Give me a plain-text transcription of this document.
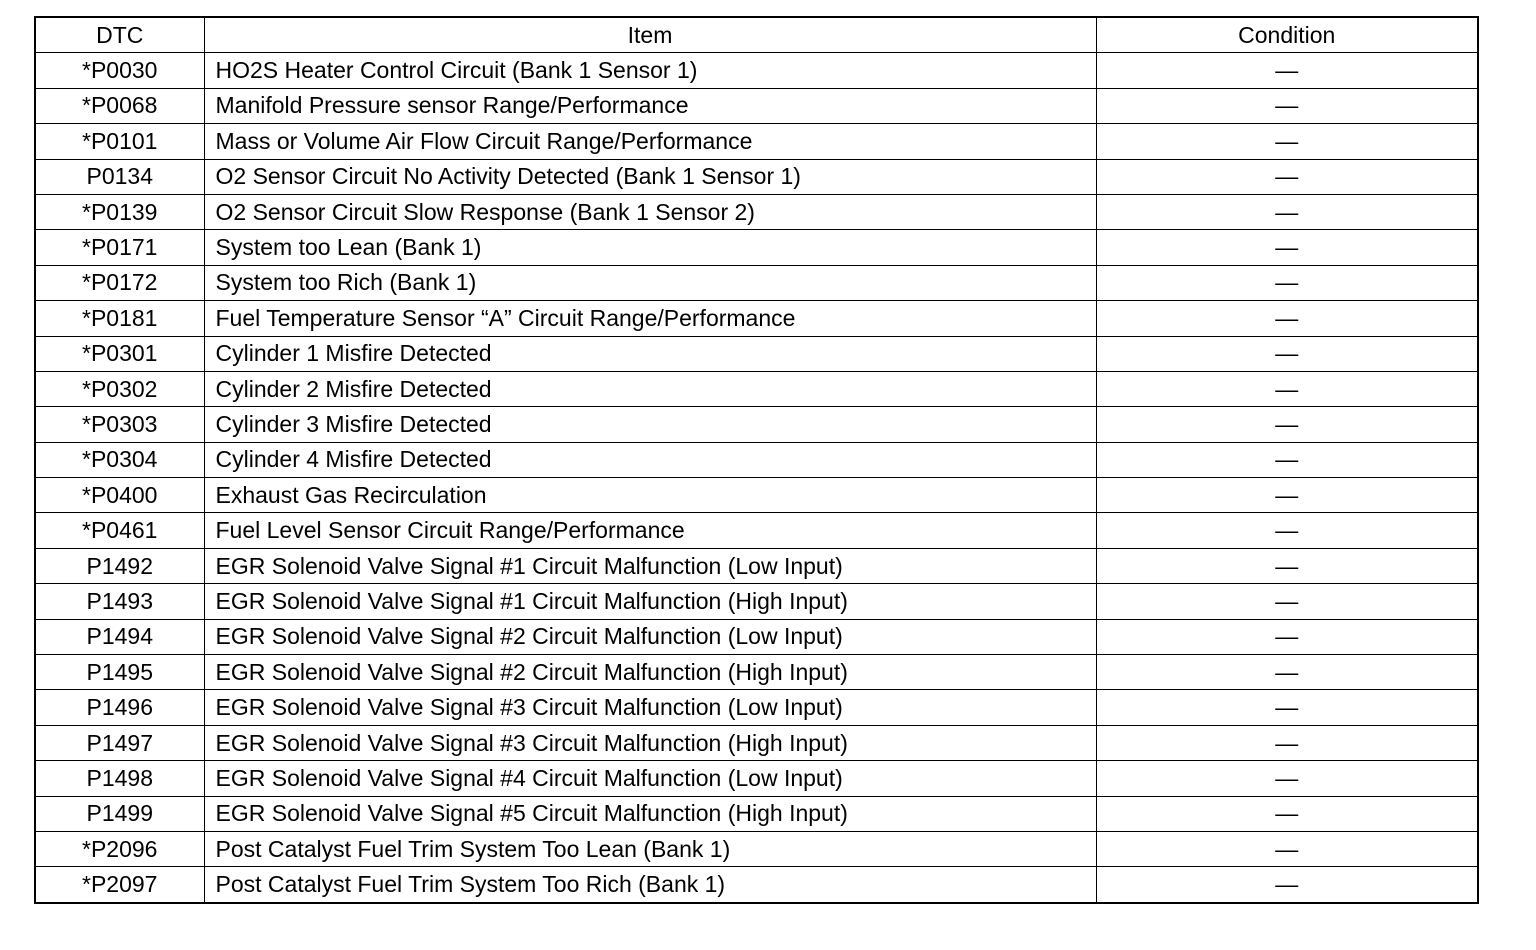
DTC	Item	Condition
*P0030	HO2S Heater Control Circuit (Bank 1 Sensor 1)	—
*P0068	Manifold Pressure sensor Range/Performance	—
*P0101	Mass or Volume Air Flow Circuit Range/Performance	—
P0134	O2 Sensor Circuit No Activity Detected (Bank 1 Sensor 1)	—
*P0139	O2 Sensor Circuit Slow Response (Bank 1 Sensor 2)	—
*P0171	System too Lean (Bank 1)	—
*P0172	System too Rich (Bank 1)	—
*P0181	Fuel Temperature Sensor “A” Circuit Range/Performance	—
*P0301	Cylinder 1 Misfire Detected	—
*P0302	Cylinder 2 Misfire Detected	—
*P0303	Cylinder 3 Misfire Detected	—
*P0304	Cylinder 4 Misfire Detected	—
*P0400	Exhaust Gas Recirculation	—
*P0461	Fuel Level Sensor Circuit Range/Performance	—
P1492	EGR Solenoid Valve Signal #1 Circuit Malfunction (Low Input)	—
P1493	EGR Solenoid Valve Signal #1 Circuit Malfunction (High Input)	—
P1494	EGR Solenoid Valve Signal #2 Circuit Malfunction (Low Input)	—
P1495	EGR Solenoid Valve Signal #2 Circuit Malfunction (High Input)	—
P1496	EGR Solenoid Valve Signal #3 Circuit Malfunction (Low Input)	—
P1497	EGR Solenoid Valve Signal #3 Circuit Malfunction (High Input)	—
P1498	EGR Solenoid Valve Signal #4 Circuit Malfunction (Low Input)	—
P1499	EGR Solenoid Valve Signal #5 Circuit Malfunction (High Input)	—
*P2096	Post Catalyst Fuel Trim System Too Lean (Bank 1)	—
*P2097	Post Catalyst Fuel Trim System Too Rich (Bank 1)	—
